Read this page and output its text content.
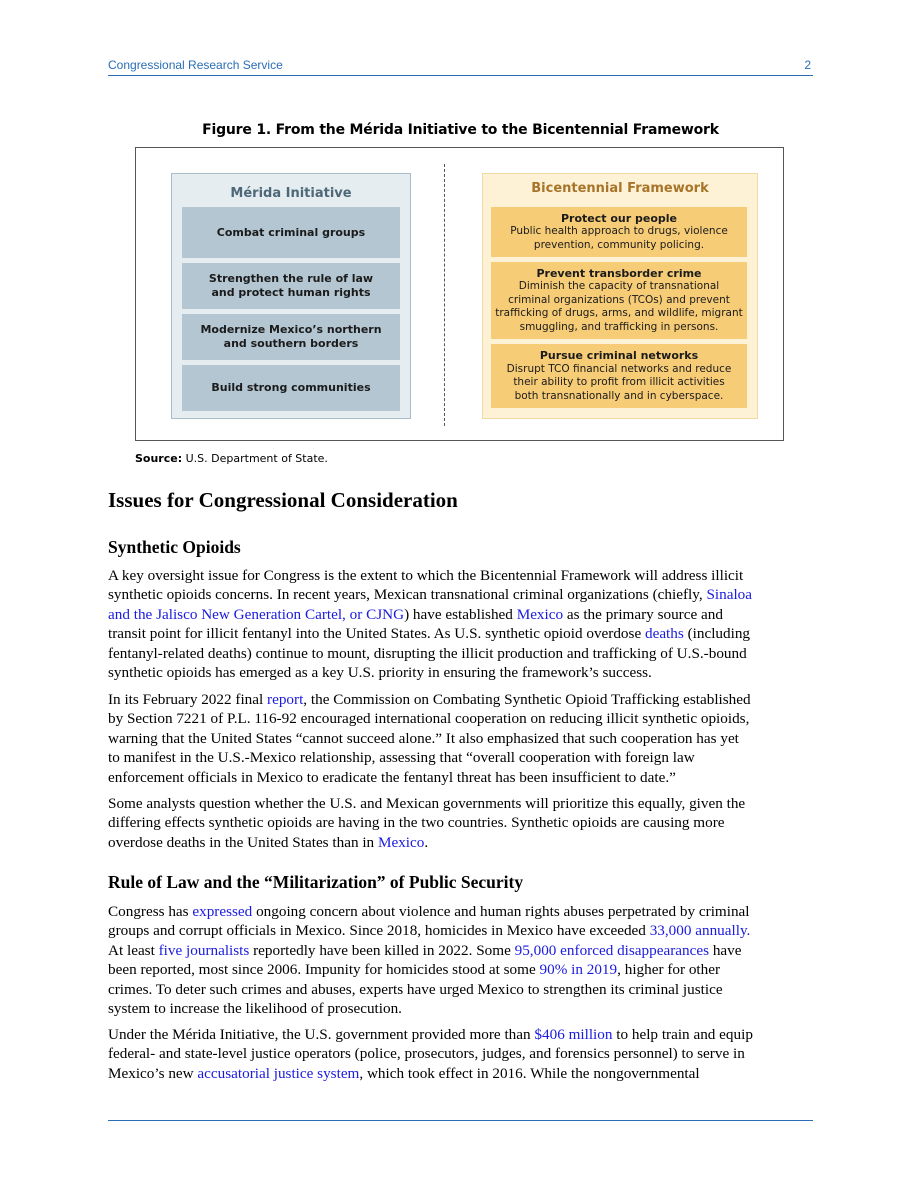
Congressional Research Service	2
Figure 1. From the Mérida Initiative to the Bicentennial Framework
Mérida Initiative
Combat criminal groups
Strengthen the rule of law
and protect human rights
Modernize Mexico’s northern
and southern borders
Build strong communities
Bicentennial Framework
Protect our people
Public health approach to drugs, violence
prevention, community policing.
Prevent transborder crime
Diminish the capacity of transnational
criminal organizations (TCOs) and prevent
trafficking of drugs, arms, and wildlife, migrant
smuggling, and trafficking in persons.
Pursue criminal networks
Disrupt TCO financial networks and reduce
their ability to profit from illicit activities
both transnationally and in cyberspace.
Source: U.S. Department of State.
Issues for Congressional Consideration
Synthetic Opioids

A key oversight issue for Congress is the extent to which the Bicentennial Framework will address illicit
synthetic opioids concerns. In recent years, Mexican transnational criminal organizations (chiefly, Sinaloa
and the Jalisco New Generation Cartel, or CJNG) have established Mexico as the primary source and
transit point for illicit fentanyl into the United States. As U.S. synthetic opioid overdose deaths (including
fentanyl-related deaths) continue to mount, disrupting the illicit production and trafficking of U.S.-bound
synthetic opioids has emerged as a key U.S. priority in ensuring the framework’s success.

In its February 2022 final report, the Commission on Combating Synthetic Opioid Trafficking established
by Section 7221 of P.L. 116-92 encouraged international cooperation on reducing illicit synthetic opioids,
warning that the United States “cannot succeed alone.” It also emphasized that such cooperation has yet
to manifest in the U.S.-Mexico relationship, assessing that “overall cooperation with foreign law
enforcement officials in Mexico to eradicate the fentanyl threat has been insufficient to date.”

Some analysts question whether the U.S. and Mexican governments will prioritize this equally, given the
differing effects synthetic opioids are having in the two countries. Synthetic opioids are causing more
overdose deaths in the United States than in Mexico.

Rule of Law and the “Militarization” of Public Security

Congress has expressed ongoing concern about violence and human rights abuses perpetrated by criminal
groups and corrupt officials in Mexico. Since 2018, homicides in Mexico have exceeded 33,000 annually.
At least five journalists reportedly have been killed in 2022. Some 95,000 enforced disappearances have
been reported, most since 2006. Impunity for homicides stood at some 90% in 2019, higher for other
crimes. To deter such crimes and abuses, experts have urged Mexico to strengthen its criminal justice
system to increase the likelihood of prosecution.

Under the Mérida Initiative, the U.S. government provided more than $406 million to help train and equip
federal- and state-level justice operators (police, prosecutors, judges, and forensics personnel) to serve in
Mexico’s new accusatorial justice system, which took effect in 2016. While the nongovernmental
